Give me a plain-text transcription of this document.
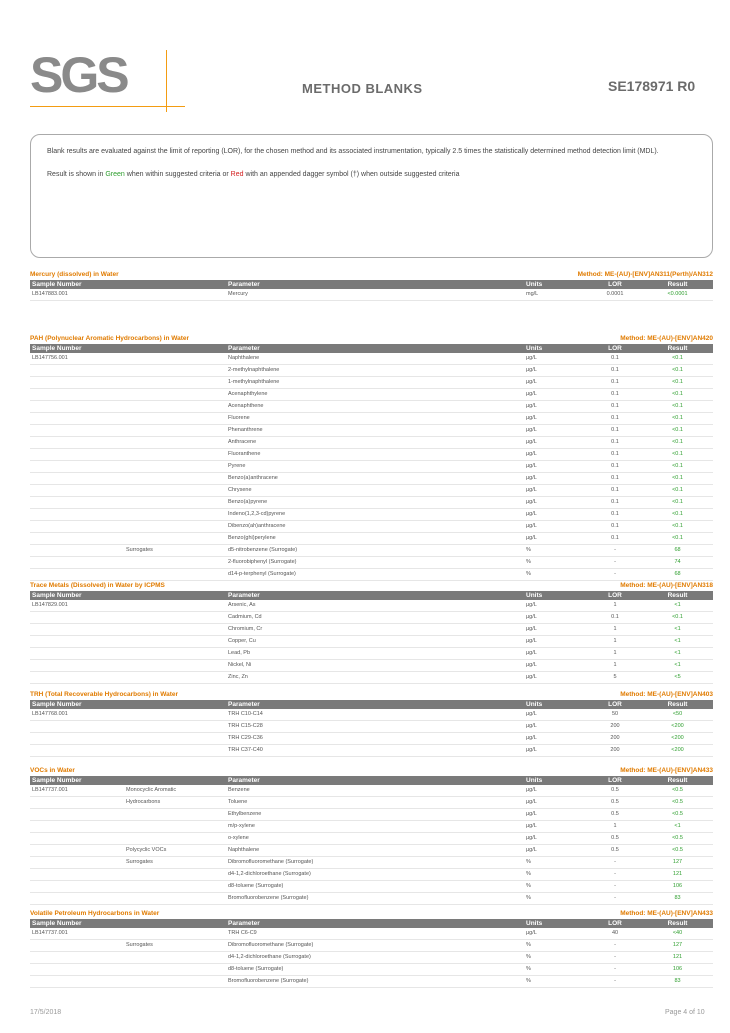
SGS	METHOD BLANKS	SE178971 R0

Blank results are evaluated against the limit of reporting (LOR), for the chosen method and its associated instrumentation, typically 2.5 times the statistically determined method detection limit (MDL).

Result is shown in Green when within suggested criteria or Red with an appended dagger symbol (†) when outside suggested criteria

Mercury (dissolved) in Water	Method: ME-(AU)-[ENV]AN311(Perth)/AN312
Sample Number		Parameter	Units	LOR	Result
LB147883.001		Mercury	mg/L	0.0001	<0.0001
PAH (Polynuclear Aromatic Hydrocarbons) in Water	Method: ME-(AU)-[ENV]AN420
Sample Number		Parameter	Units	LOR	Result
LB147756.001		Naphthalene	µg/L	0.1	<0.1
		2-methylnaphthalene	µg/L	0.1	<0.1
		1-methylnaphthalene	µg/L	0.1	<0.1
		Acenaphthylene	µg/L	0.1	<0.1
		Acenaphthene	µg/L	0.1	<0.1
		Fluorene	µg/L	0.1	<0.1
		Phenanthrene	µg/L	0.1	<0.1
		Anthracene	µg/L	0.1	<0.1
		Fluoranthene	µg/L	0.1	<0.1
		Pyrene	µg/L	0.1	<0.1
		Benzo(a)anthracene	µg/L	0.1	<0.1
		Chrysene	µg/L	0.1	<0.1
		Benzo(a)pyrene	µg/L	0.1	<0.1
		Indeno(1,2,3-cd)pyrene	µg/L	0.1	<0.1
		Dibenzo(ah)anthracene	µg/L	0.1	<0.1
		Benzo(ghi)perylene	µg/L	0.1	<0.1
	Surrogates	d5-nitrobenzene (Surrogate)	%	-	68
		2-fluorobiphenyl (Surrogate)	%	-	74
		d14-p-terphenyl (Surrogate)	%	-	68
Trace Metals (Dissolved) in Water by ICPMS	Method: ME-(AU)-[ENV]AN318
Sample Number		Parameter	Units	LOR	Result
LB147829.001		Arsenic, As	µg/L	1	<1
		Cadmium, Cd	µg/L	0.1	<0.1
		Chromium, Cr	µg/L	1	<1
		Copper, Cu	µg/L	1	<1
		Lead, Pb	µg/L	1	<1
		Nickel, Ni	µg/L	1	<1
		Zinc, Zn	µg/L	5	<5
TRH (Total Recoverable Hydrocarbons) in Water	Method: ME-(AU)-[ENV]AN403
Sample Number		Parameter	Units	LOR	Result
LB147768.001		TRH C10-C14	µg/L	50	<50
		TRH C15-C28	µg/L	200	<200
		TRH C29-C36	µg/L	200	<200
		TRH C37-C40	µg/L	200	<200
VOCs in Water	Method: ME-(AU)-[ENV]AN433
Sample Number		Parameter	Units	LOR	Result
LB147737.001	Monocyclic Aromatic	Benzene	µg/L	0.5	<0.5
	Hydrocarbons	Toluene	µg/L	0.5	<0.5
		Ethylbenzene	µg/L	0.5	<0.5
		m/p-xylene	µg/L	1	<1
		o-xylene	µg/L	0.5	<0.5
	Polycyclic VOCs	Naphthalene	µg/L	0.5	<0.5
	Surrogates	Dibromofluoromethane (Surrogate)	%	-	127
		d4-1,2-dichloroethane (Surrogate)	%	-	121
		d8-toluene (Surrogate)	%	-	106
		Bromofluorobenzene (Surrogate)	%	-	83
Volatile Petroleum Hydrocarbons in Water	Method: ME-(AU)-[ENV]AN433
Sample Number		Parameter	Units	LOR	Result
LB147737.001		TRH C6-C9	µg/L	40	<40
	Surrogates	Dibromofluoromethane (Surrogate)	%	-	127
		d4-1,2-dichloroethane (Surrogate)	%	-	121
		d8-toluene (Surrogate)	%	-	106
		Bromofluorobenzene (Surrogate)	%	-	83
17/5/2018	Page 4 of 10
